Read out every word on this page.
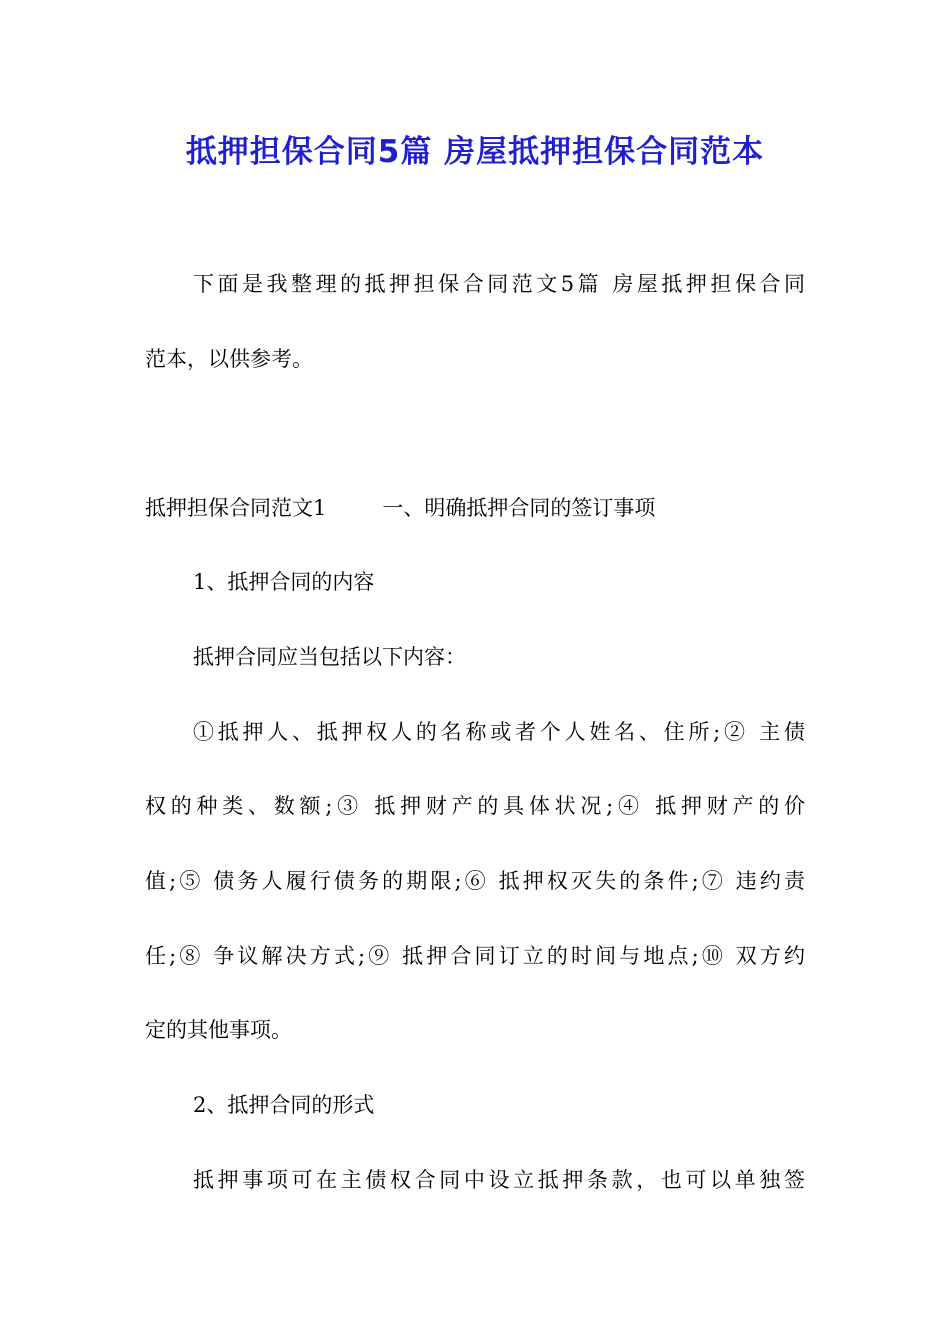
抵押担保合同5篇 房屋抵押担保合同范本

下面是我整理的抵押担保合同范文5篇 房屋抵押担保合同

范本，以供参考。

抵押担保合同范文1	一、明确抵押合同的签订事项

1、抵押合同的内容

抵押合同应当包括以下内容：

①抵押人、抵押权人的名称或者个人姓名、住所;② 主债

权的种类、数额;③ 抵押财产的具体状况;④ 抵押财产的价

值;⑤ 债务人履行债务的期限;⑥ 抵押权灭失的条件;⑦ 违约责

任;⑧ 争议解决方式;⑨ 抵押合同订立的时间与地点;⑩ 双方约

定的其他事项。

2、抵押合同的形式

抵押事项可在主债权合同中设立抵押条款，也可以单独签
